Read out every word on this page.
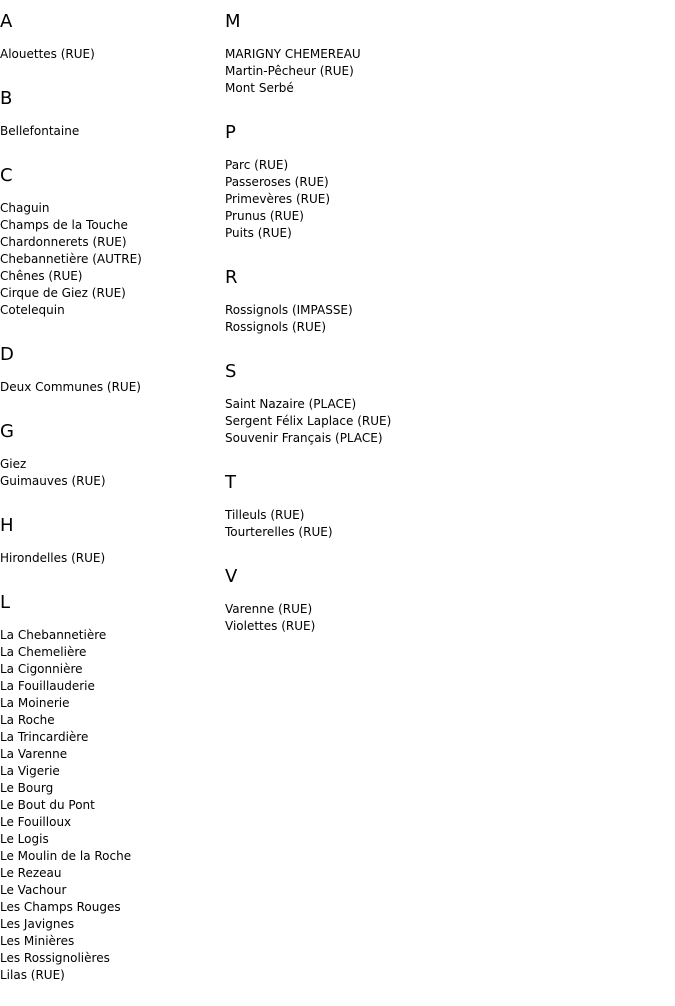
A
Alouettes (RUE)
B
Bellefontaine
C
Chaguin
Champs de la Touche
Chardonnerets (RUE)
Chebannetière (AUTRE)
Chênes (RUE)
Cirque de Giez (RUE)
Cotelequin
D
Deux Communes (RUE)
G
Giez
Guimauves (RUE)
H
Hirondelles (RUE)
L
La Chebannetière
La Chemelière
La Cigonnière
La Fouillauderie
La Moinerie
La Roche
La Trincardière
La Varenne
La Vigerie
Le Bourg
Le Bout du Pont
Le Fouilloux
Le Logis
Le Moulin de la Roche
Le Rezeau
Le Vachour
Les Champs Rouges
Les Javignes
Les Minières
Les Rossignolières
Lilas (RUE)
M
MARIGNY CHEMEREAU
Martin-Pêcheur (RUE)
Mont Serbé
P
Parc (RUE)
Passeroses (RUE)
Primevères (RUE)
Prunus (RUE)
Puits (RUE)
R
Rossignols (IMPASSE)
Rossignols (RUE)
S
Saint Nazaire (PLACE)
Sergent Félix Laplace (RUE)
Souvenir Français (PLACE)
T
Tilleuls (RUE)
Tourterelles (RUE)
V
Varenne (RUE)
Violettes (RUE)
